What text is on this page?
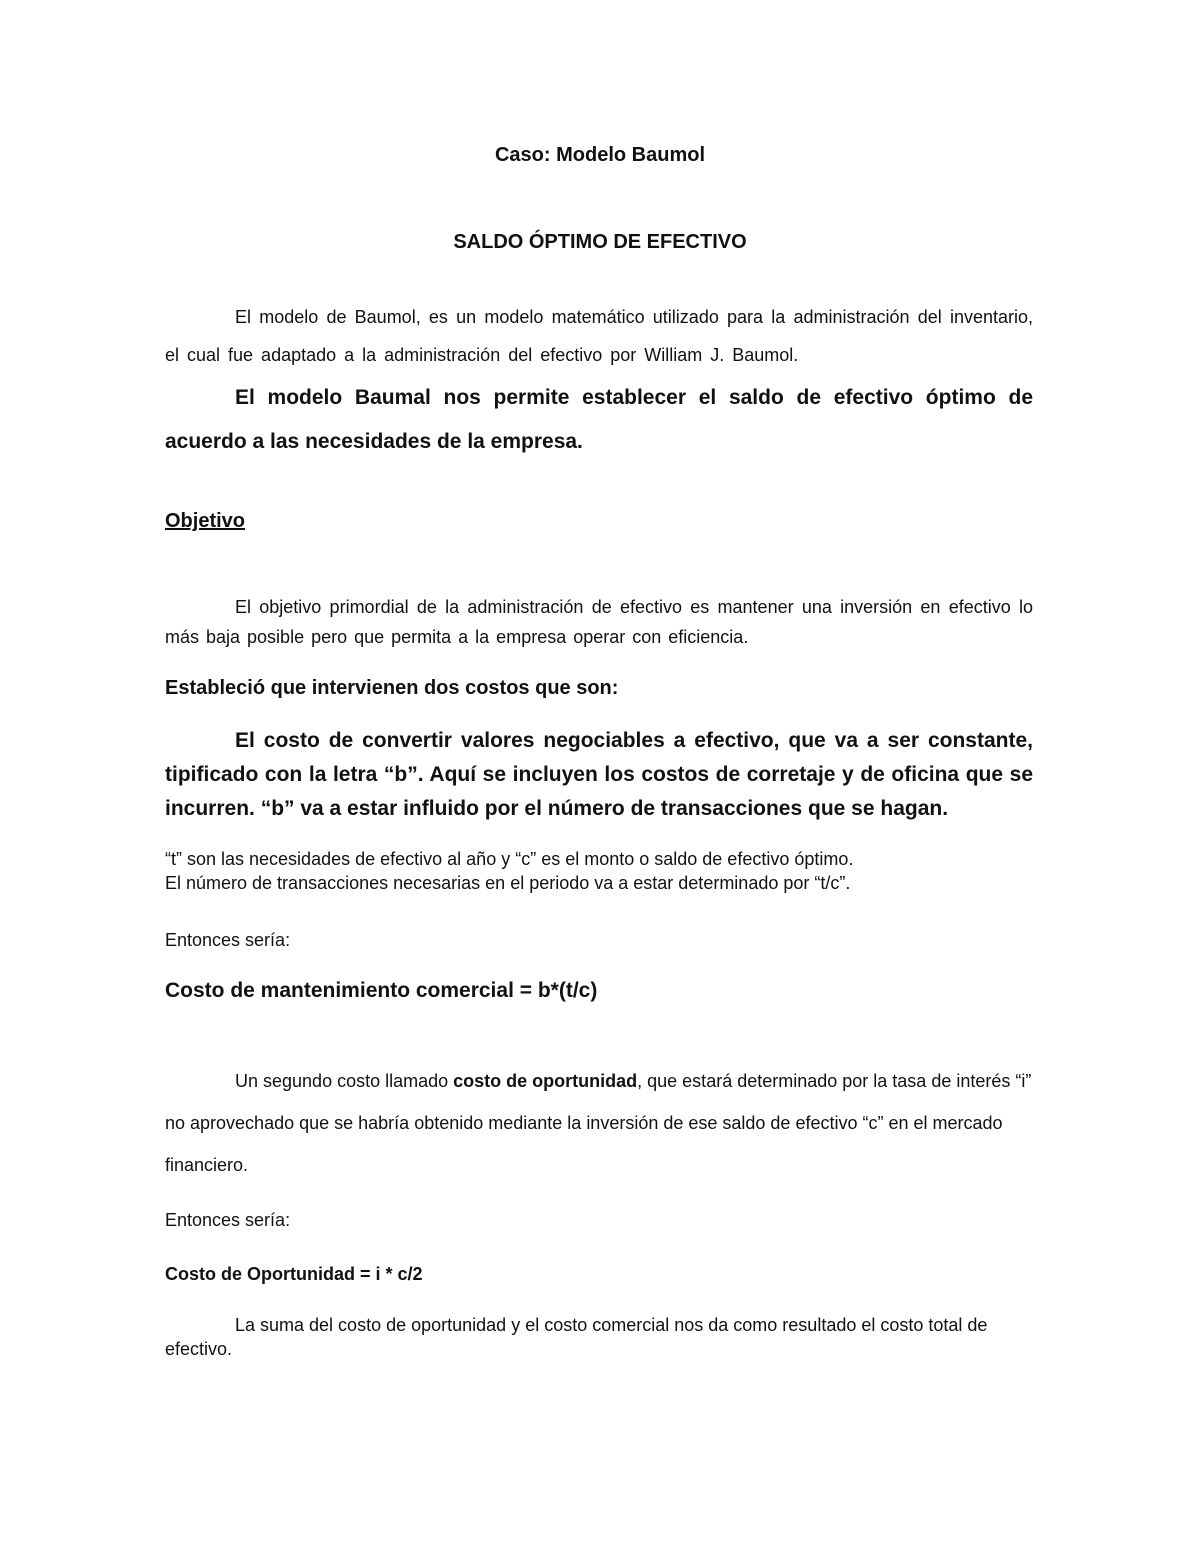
Caso: Modelo Baumol
SALDO ÓPTIMO DE EFECTIVO

El modelo de Baumol, es un modelo matemático utilizado para la administración del inventario, el cual fue adaptado a la administración del efectivo por William J. Baumol.

El modelo Baumal nos permite establecer el saldo de efectivo óptimo de acuerdo a las necesidades de la empresa.

Objetivo

El objetivo primordial de la administración de efectivo es mantener una inversión en efectivo lo más baja posible pero que permita a la empresa operar con eficiencia.

Estableció que intervienen dos costos que son:

El costo de convertir valores negociables a efectivo, que va a ser constante, tipificado con la letra “b”. Aquí se incluyen los costos de corretaje y de oficina que se incurren. “b” va a estar influido por el número de transacciones que se hagan.

“t” son las necesidades de efectivo al año y “c” es el monto o saldo de efectivo óptimo.
El número de transacciones necesarias en el periodo va a estar determinado por “t/c”.
Entonces sería:
Costo de mantenimiento comercial = b*(t/c)

Un segundo costo llamado costo de oportunidad, que estará determinado por la tasa de interés “i” no aprovechado que se habría obtenido mediante la inversión de ese saldo de efectivo “c” en el mercado financiero.

Entonces sería:
Costo de Oportunidad = i * c/2

La suma del costo de oportunidad y el costo comercial nos da como resultado el costo total de efectivo.
